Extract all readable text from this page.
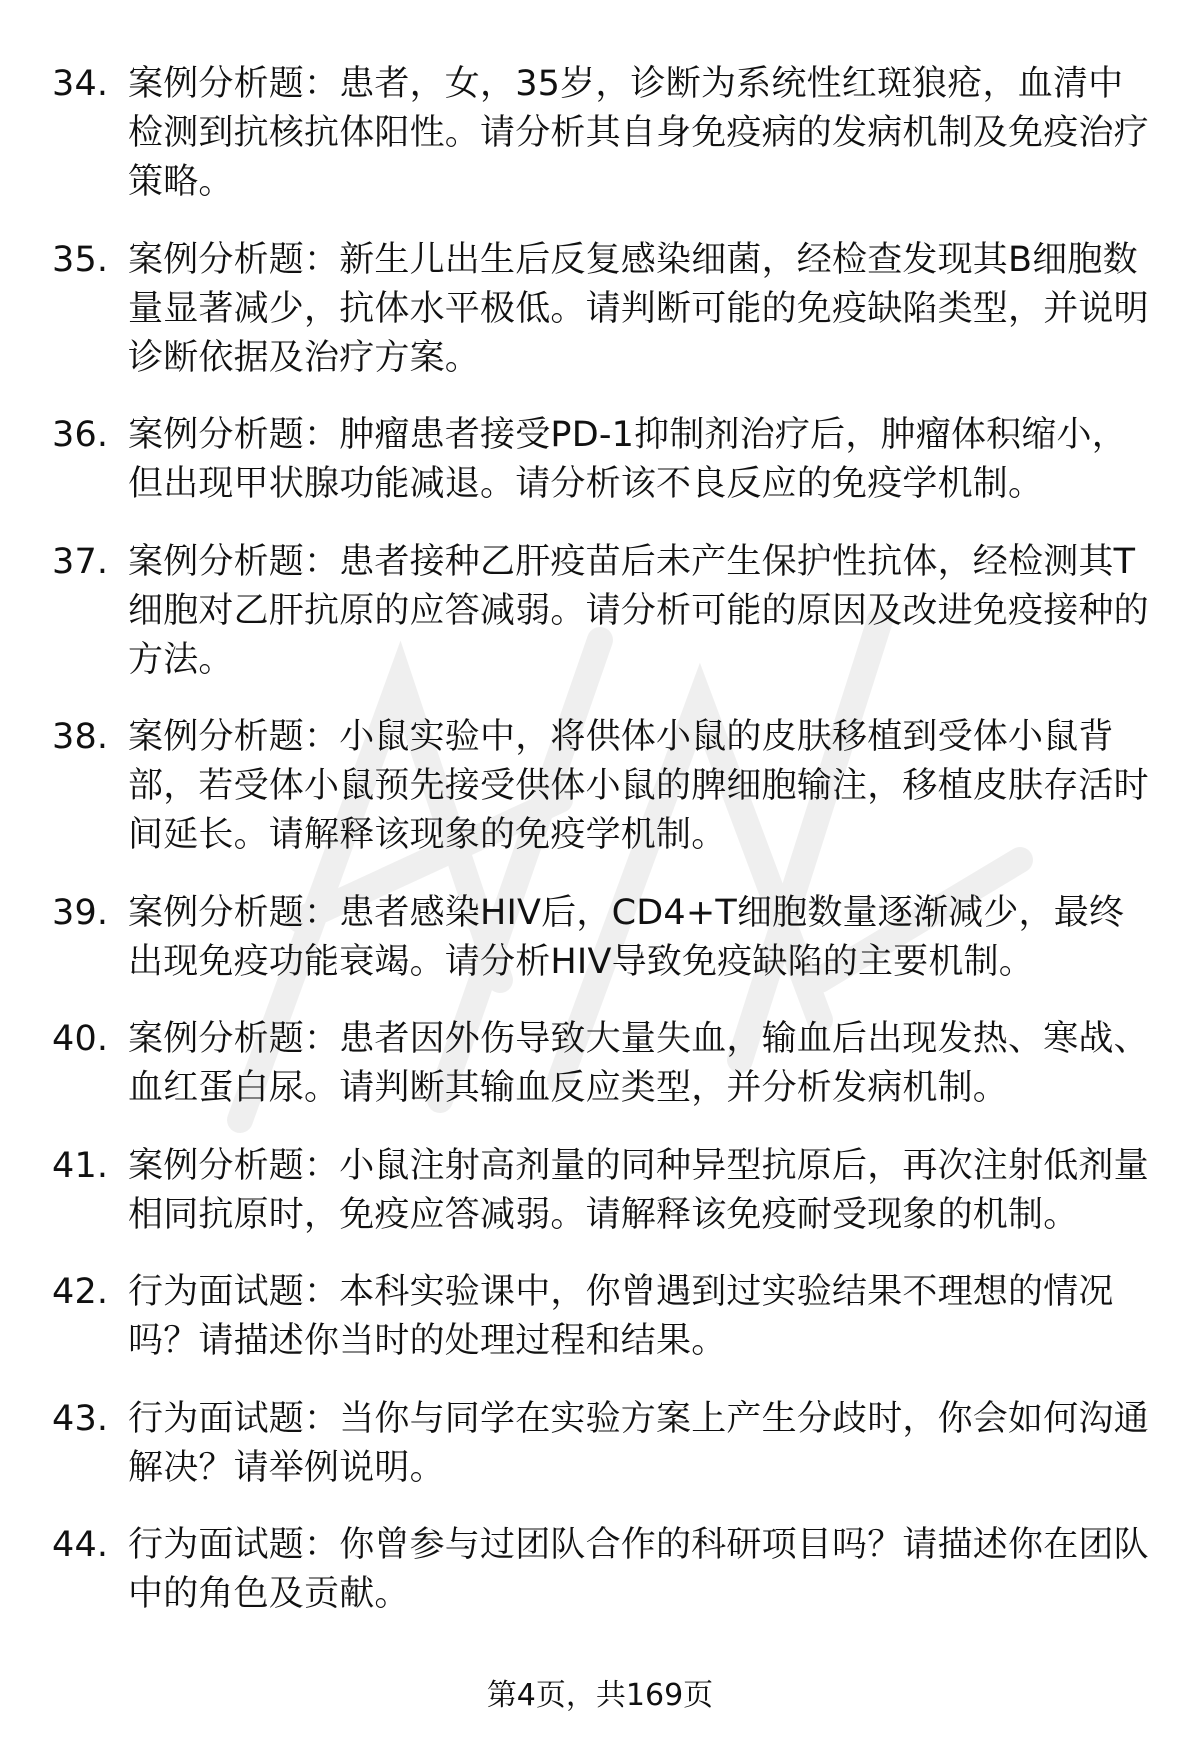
34. 案例分析题：患者，女，35岁，诊断为系统性红斑狼疮，血清中检测到抗核抗体阳性。请分析其自身免疫病的发病机制及免疫治疗策略。
35. 案例分析题：新生儿出生后反复感染细菌，经检查发现其B细胞数量显著减少，抗体水平极低。请判断可能的免疫缺陷类型，并说明诊断依据及治疗方案。
36. 案例分析题：肿瘤患者接受PD-1抑制剂治疗后，肿瘤体积缩小，但出现甲状腺功能减退。请分析该不良反应的免疫学机制。
37. 案例分析题：患者接种乙肝疫苗后未产生保护性抗体，经检测其T细胞对乙肝抗原的应答减弱。请分析可能的原因及改进免疫接种的方法。
38. 案例分析题：小鼠实验中，将供体小鼠的皮肤移植到受体小鼠背部，若受体小鼠预先接受供体小鼠的脾细胞输注，移植皮肤存活时间延长。请解释该现象的免疫学机制。
39. 案例分析题：患者感染HIV后，CD4+T细胞数量逐渐减少，最终出现免疫功能衰竭。请分析HIV导致免疫缺陷的主要机制。
40. 案例分析题：患者因外伤导致大量失血，输血后出现发热、寒战、血红蛋白尿。请判断其输血反应类型，并分析发病机制。
41. 案例分析题：小鼠注射高剂量的同种异型抗原后，再次注射低剂量相同抗原时，免疫应答减弱。请解释该免疫耐受现象的机制。
42. 行为面试题：本科实验课中，你曾遇到过实验结果不理想的情况吗？请描述你当时的处理过程和结果。
43. 行为面试题：当你与同学在实验方案上产生分歧时，你会如何沟通解决？请举例说明。
44. 行为面试题：你曾参与过团队合作的科研项目吗？请描述你在团队中的角色及贡献。
第4页，共169页
